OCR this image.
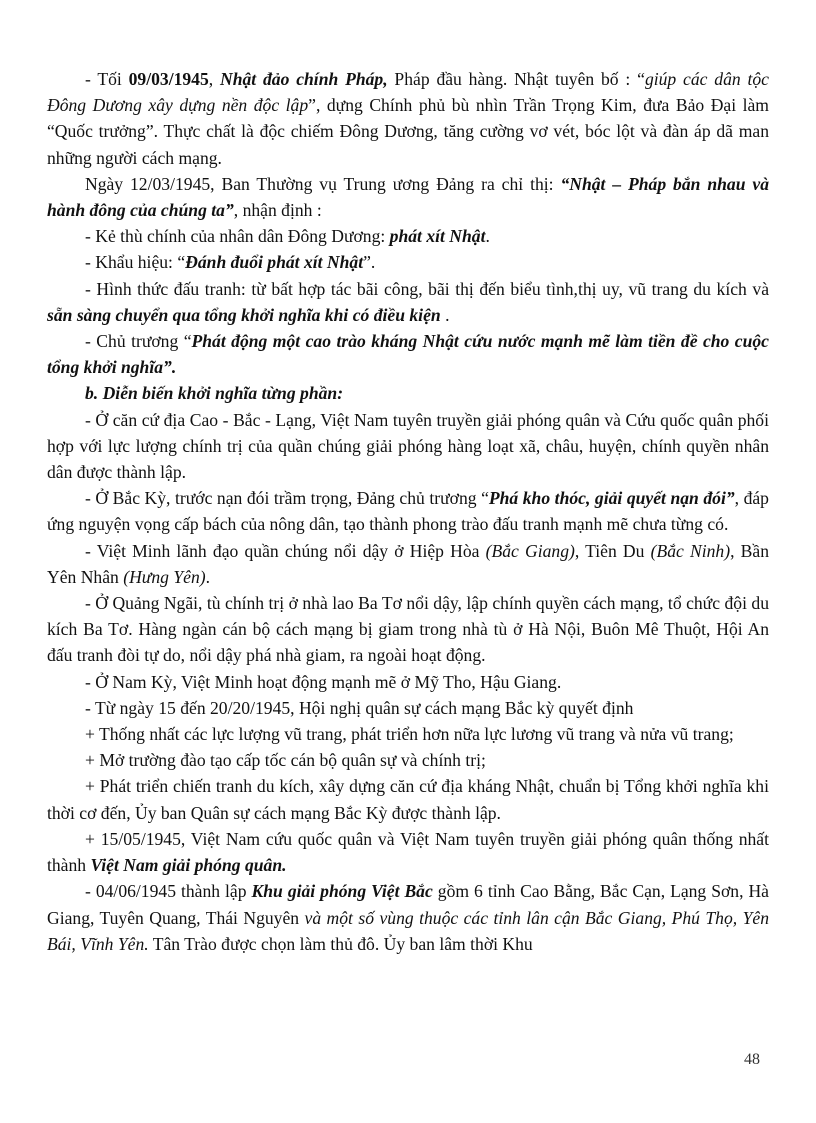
- Tối 09/03/1945, Nhật đảo chính Pháp, Pháp đầu hàng. Nhật tuyên bố : “giúp các dân tộc Đông Dương xây dựng nền độc lập”, dựng Chính phủ bù nhìn Trần Trọng Kim, đưa Bảo Đại làm “Quốc trưởng”. Thực chất là độc chiếm Đông Dương, tăng cường vơ vét, bóc lột và đàn áp dã man những người cách mạng.

Ngày 12/03/1945, Ban Thường vụ Trung ương Đảng ra chỉ thị: “Nhật – Pháp bắn nhau và hành đông của chúng ta”, nhận định :

- Kẻ thù chính của nhân dân Đông Dương: phát xít Nhật.

- Khẩu hiệu: “Đánh đuổi phát xít Nhật”.

- Hình thức đấu tranh: từ bất hợp tác bãi công, bãi thị đến biểu tình,thị uy, vũ trang du kích và sẵn sàng chuyển qua tổng khởi nghĩa khi có điều kiện .

- Chủ trương “Phát động một cao trào kháng Nhật cứu nước mạnh mẽ làm tiền đề cho cuộc tổng khởi nghĩa”.

b. Diễn biến khởi nghĩa từng phần:

- Ở căn cứ địa Cao - Bắc - Lạng, Việt Nam tuyên truyền giải phóng quân và Cứu quốc quân phối hợp với lực lượng chính trị của quần chúng giải phóng hàng loạt xã, châu, huyện, chính quyền nhân dân được thành lập.

- Ở Bắc Kỳ, trước nạn đói trầm trọng, Đảng chủ trương “Phá kho thóc, giải quyết nạn đói”, đáp ứng nguyện vọng cấp bách của nông dân, tạo thành phong trào đấu tranh mạnh mẽ chưa từng có.

- Việt Minh lãnh đạo quần chúng nổi dậy ở Hiệp Hòa (Bắc Giang), Tiên Du (Bắc Ninh), Bần Yên Nhân (Hưng Yên).

- Ở Quảng Ngãi, tù chính trị ở nhà lao Ba Tơ nổi dậy, lập chính quyền cách mạng, tổ chức đội du kích Ba Tơ. Hàng ngàn cán bộ cách mạng bị giam trong nhà tù ở Hà Nội, Buôn Mê Thuột, Hội An đấu tranh đòi tự do, nổi dậy phá nhà giam, ra ngoài hoạt động.

- Ở Nam Kỳ, Việt Minh hoạt động mạnh mẽ ở Mỹ Tho, Hậu Giang.

- Từ ngày 15 đến 20/20/1945, Hội nghị quân sự cách mạng Bắc kỳ quyết định

+ Thống nhất các lực lượng vũ trang, phát triển hơn nữa lực lương vũ trang và nửa vũ trang;

+ Mở trường đào tạo cấp tốc cán bộ quân sự và chính trị;

+ Phát triển chiến tranh du kích, xây dựng căn cứ địa kháng Nhật, chuẩn bị Tổng khởi nghĩa khi thời cơ đến, Ủy ban Quân sự cách mạng Bắc Kỳ được thành lập.

+ 15/05/1945, Việt Nam cứu quốc quân và Việt Nam tuyên truyền giải phóng quân thống nhất thành Việt Nam giải phóng quân.

- 04/06/1945 thành lập Khu giải phóng Việt Bắc gồm 6 tỉnh Cao Bằng, Bắc Cạn, Lạng Sơn, Hà Giang, Tuyên Quang, Thái Nguyên và một số vùng thuộc các tỉnh lân cận Bắc Giang, Phú Thọ, Yên Bái, Vĩnh Yên. Tân Trào được chọn làm thủ đô. Ủy ban lâm thời Khu

48
